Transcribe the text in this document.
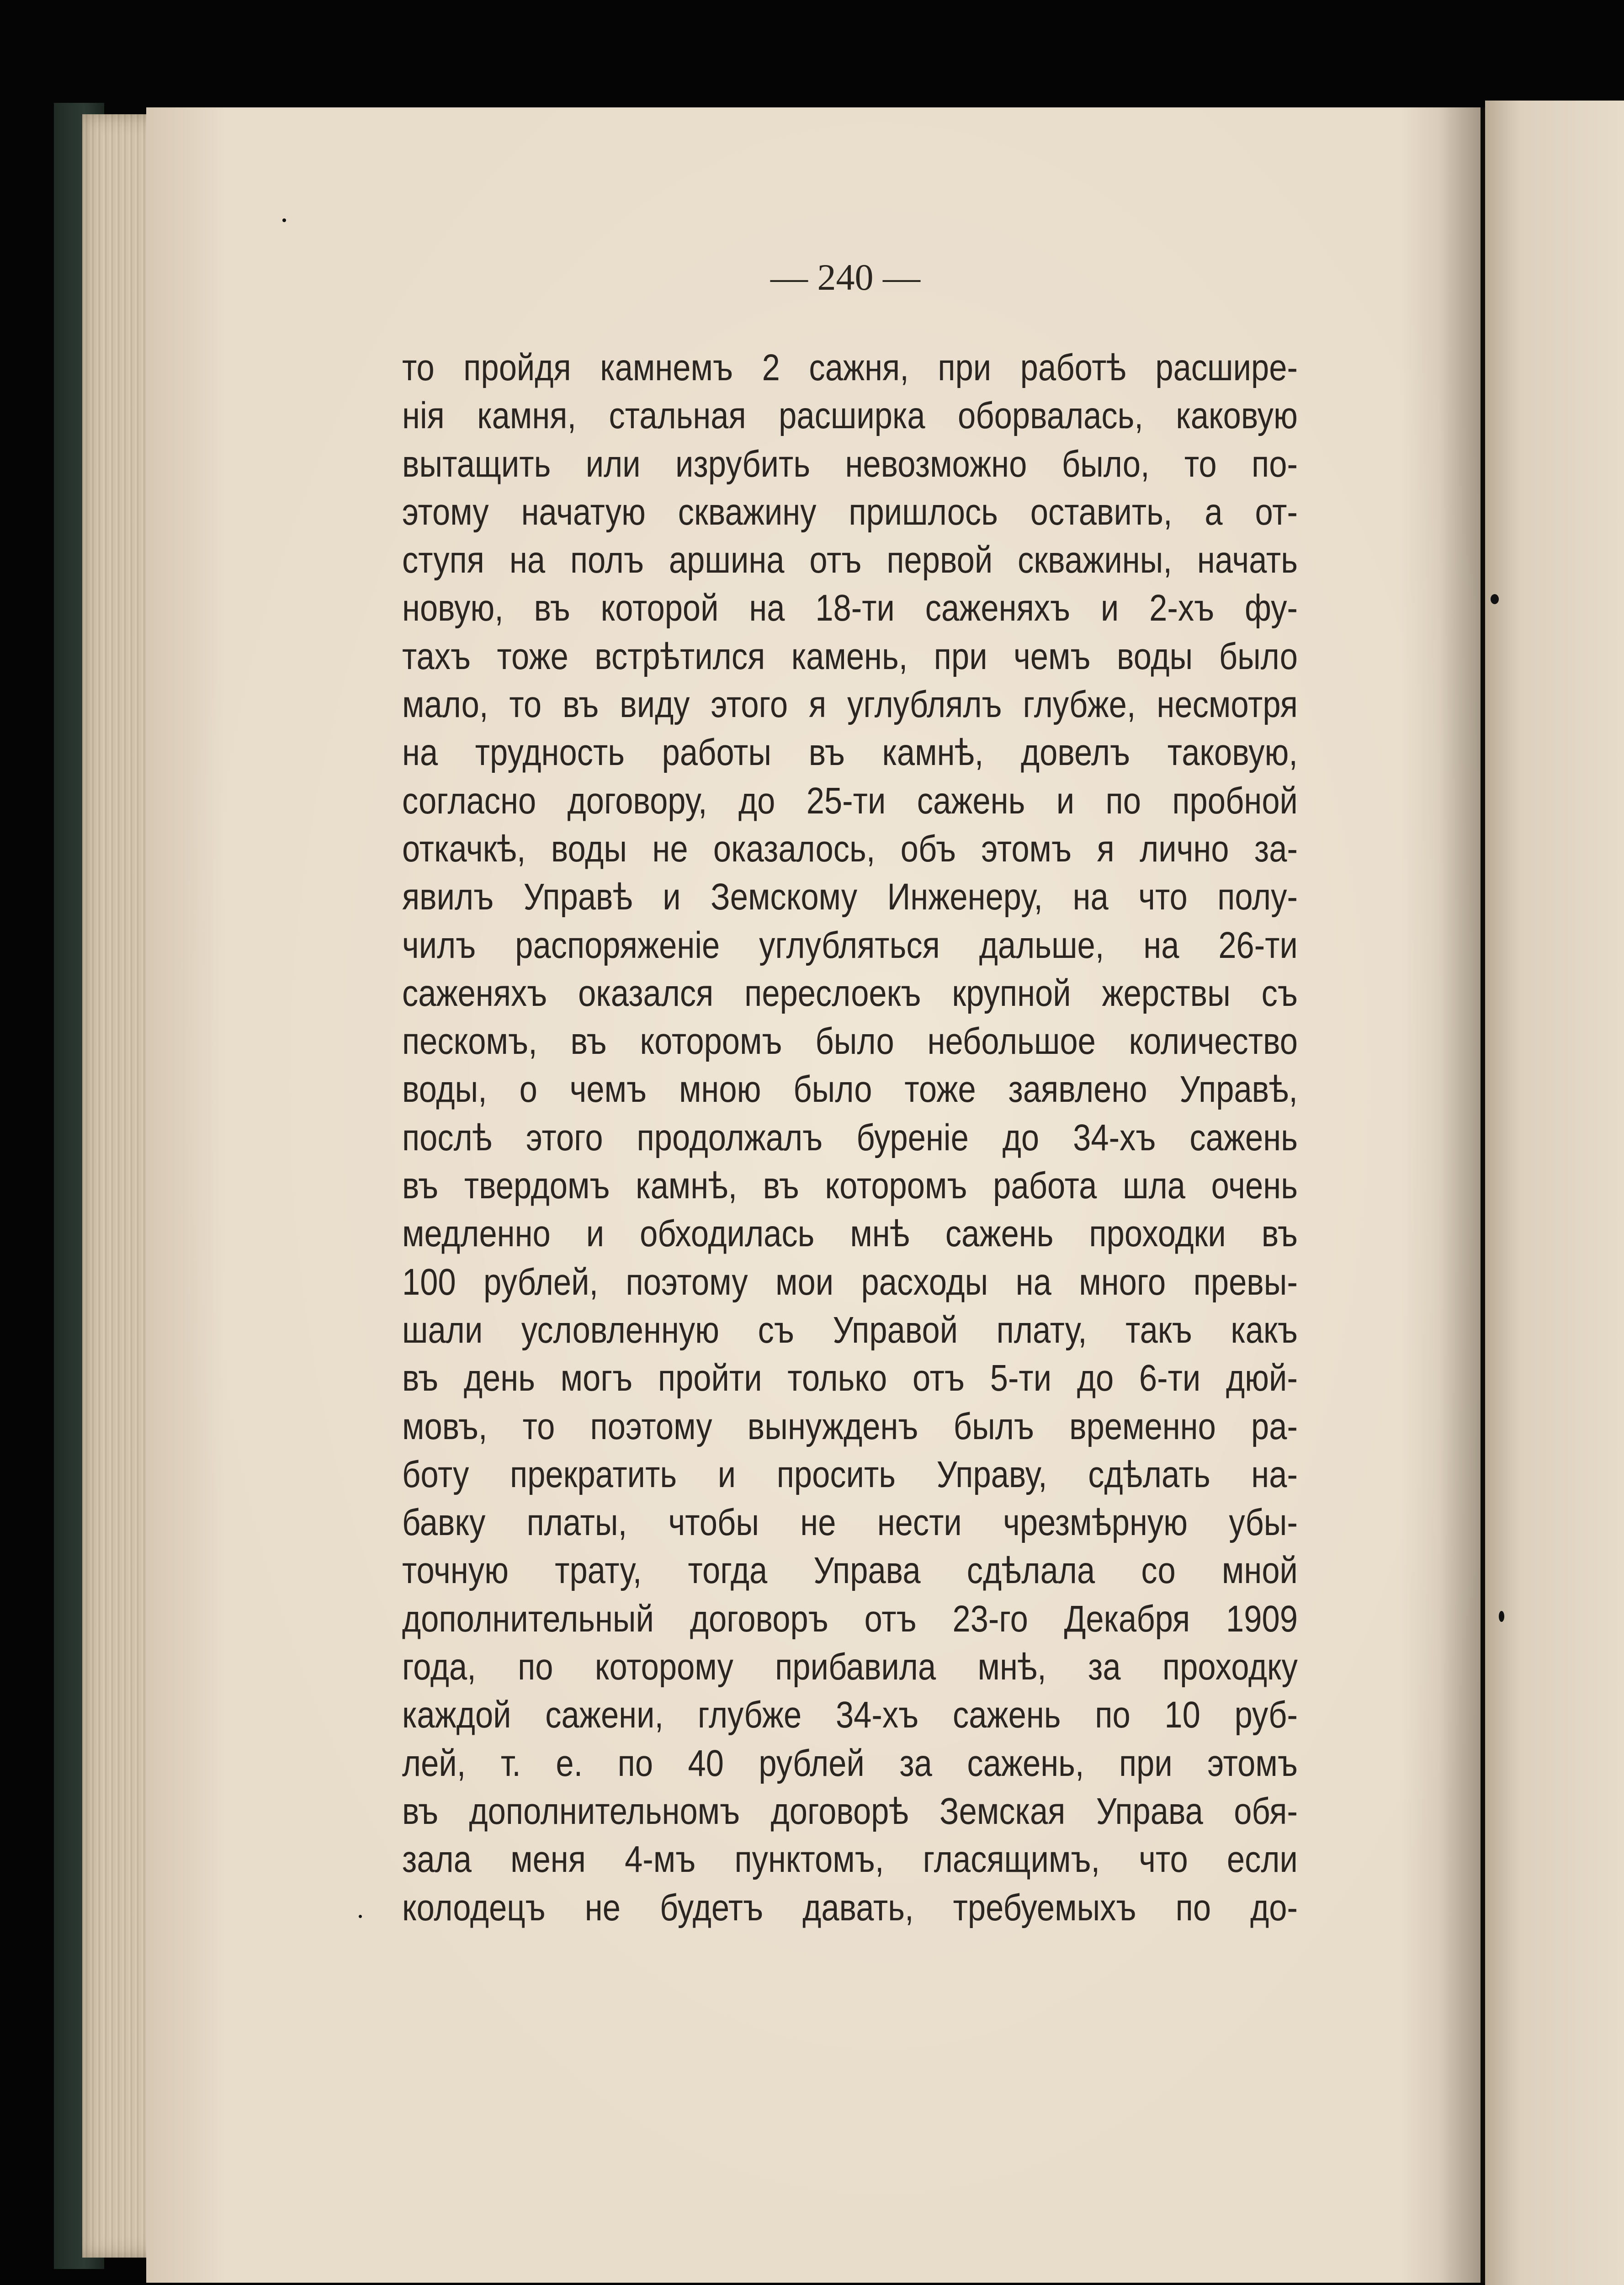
— 240 —
то пройдя камнемъ 2 сажня, при работѣ расшире-
нія камня, стальная расширка оборвалась, каковую
вытащить или изрубить невозможно было, то по-
этому начатую скважину пришлось оставить, а от-
ступя на полъ аршина отъ первой скважины, начать
новую, въ которой на 18-ти саженяхъ и 2-хъ фу-
тахъ тоже встрѣтился камень, при чемъ воды было
мало, то въ виду этого я углублялъ глубже, несмотря
на трудность работы въ камнѣ, довелъ таковую,
согласно договору, до 25-ти сажень и по пробной
откачкѣ, воды не оказалось, объ этомъ я лично за-
явилъ Управѣ и Земскому Инженеру, на что полу-
чилъ распоряженіе углубляться дальше, на 26-ти
саженяхъ оказался перeслоекъ крупной жерствы съ
пескомъ, въ которомъ было небольшое количество
воды, о чемъ мною было тоже заявлено Управѣ,
послѣ этого продолжалъ буреніе до 34-хъ сажень
въ твердомъ камнѣ, въ которомъ работа шла очень
медленно и обходилась мнѣ сажень проходки въ
100 рублей, поэтому мои расходы на много превы-
шали условленную съ Управой плату, такъ какъ
въ день могъ пройти только отъ 5-ти до 6-ти дюй-
мовъ, то поэтому вынужденъ былъ временно ра-
боту прекратить и просить Управу, сдѣлать на-
бавку платы, чтобы не нести чрезмѣрную убы-
точную трату, тогда Управа сдѣлала со мной
дополнительный договоръ отъ 23-го Декабря 1909
года, по которому прибавила мнѣ, за проходку
каждой сажени, глубже 34-хъ сажень по 10 руб-
лей, т. е. по 40 рублей за сажень, при этомъ
въ дополнительномъ договорѣ Земская Управа обя-
зала меня 4-мъ пунктомъ, гласящимъ, что если
колодецъ не будетъ давать, требуемыхъ по до-
